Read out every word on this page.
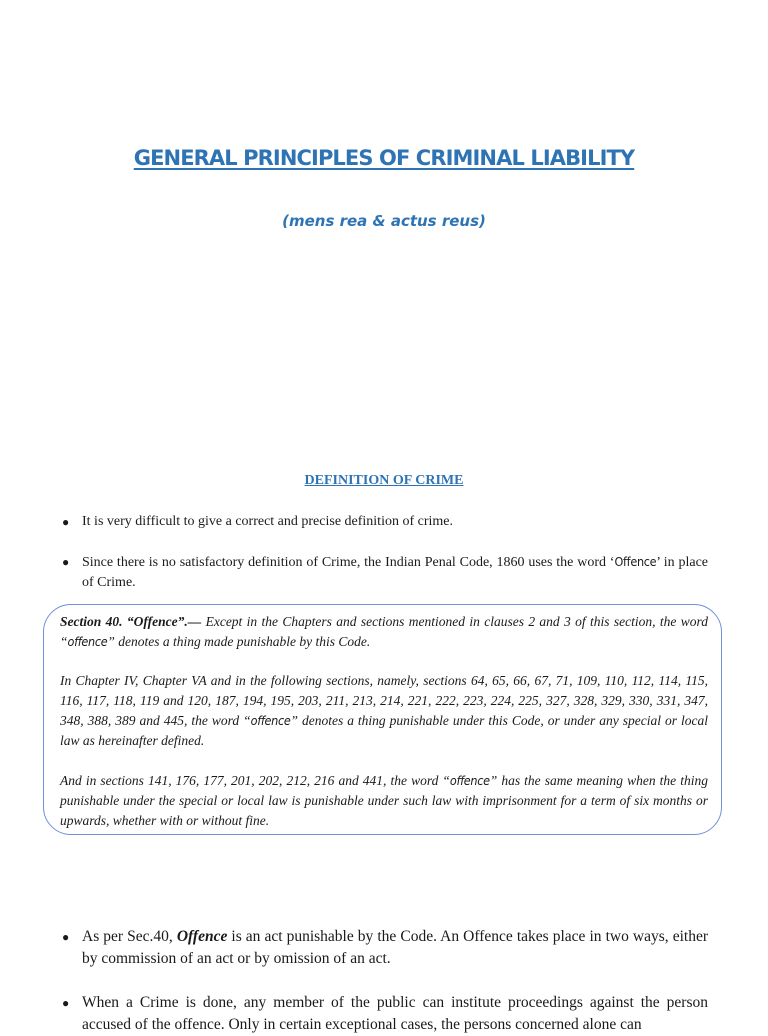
GENERAL PRINCIPLES OF CRIMINAL LIABILITY

(mens rea & actus reus)

DEFINITION OF CRIME
● It is very difficult to give a correct and precise definition of crime.
● Since there is no satisfactory definition of Crime, the Indian Penal Code, 1860 uses the word ‘Offence’ in place of Crime.

Section 40. “Offence”.— Except in the Chapters and sections mentioned in clauses 2 and 3 of this section, the word “offence” denotes a thing made punishable by this Code.

In Chapter IV, Chapter VA and in the following sections, namely, sections 64, 65, 66, 67, 71, 109, 110, 112, 114, 115, 116, 117, 118, 119 and 120, 187, 194, 195, 203, 211, 213, 214, 221, 222, 223, 224, 225, 327, 328, 329, 330, 331, 347, 348, 388, 389 and 445, the word “offence” denotes a thing punishable under this Code, or under any special or local law as hereinafter defined.

And in sections 141, 176, 177, 201, 202, 212, 216 and 441, the word “offence” has the same meaning when the thing punishable under the special or local law is punishable under such law with imprisonment for a term of six months or upwards, whether with or without fine.

● As per Sec.40, Offence is an act punishable by the Code. An Offence takes place in two ways, either by commission of an act or by omission of an act.
● When a Crime is done, any member of the public can institute proceedings against the person accused of the offence. Only in certain exceptional cases, the persons concerned alone can
